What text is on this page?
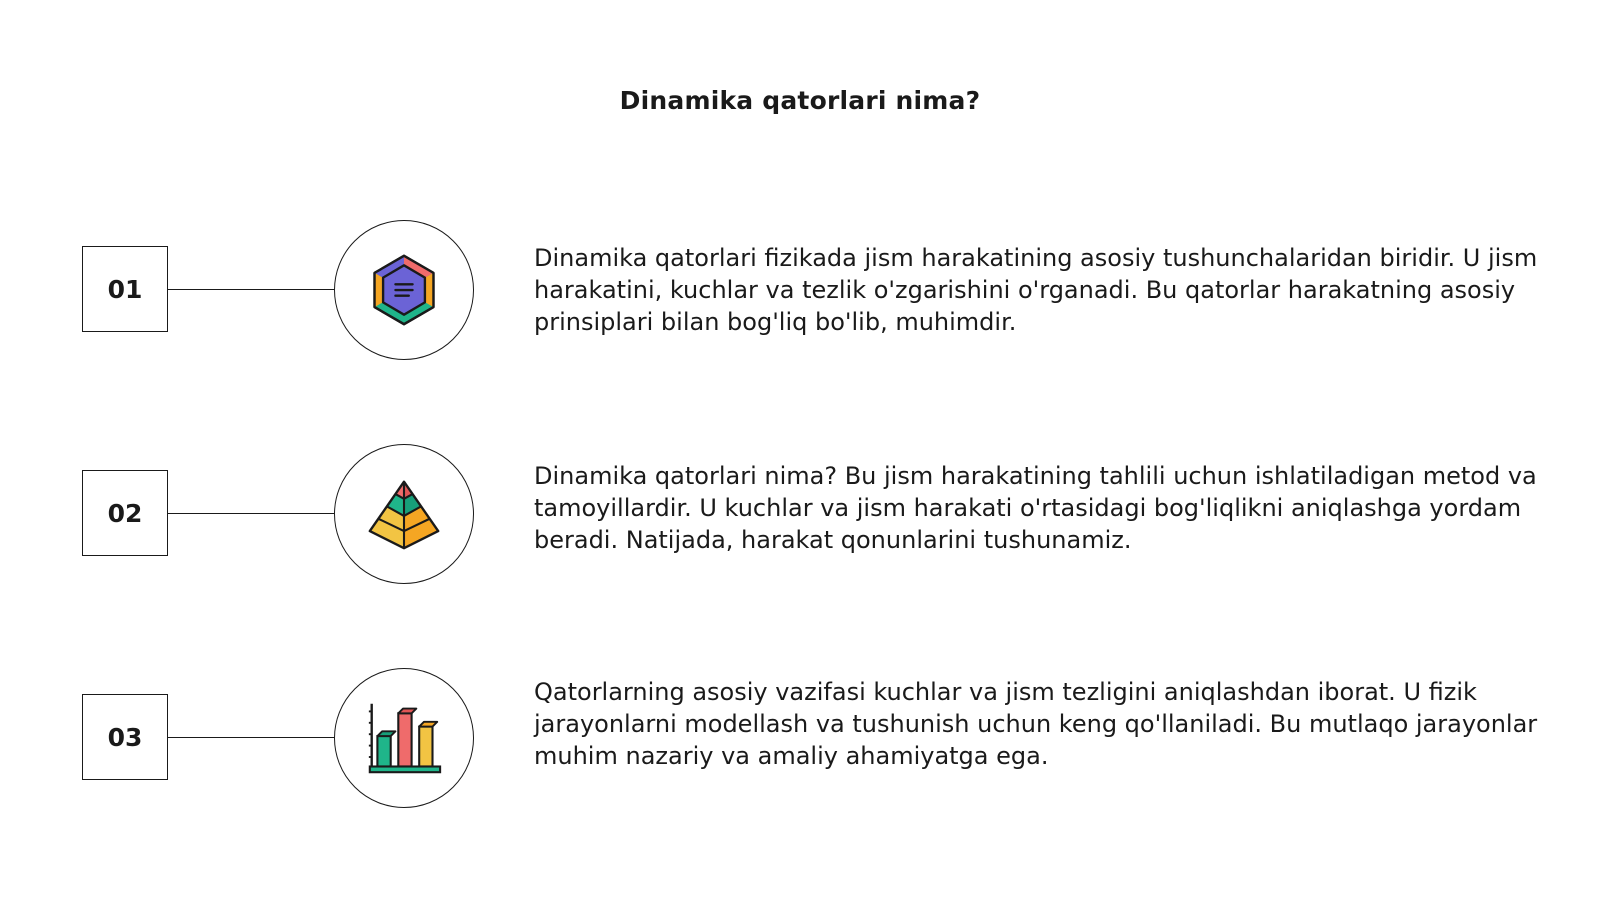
Dinamika qatorlari nima?
01
Dinamika qatorlari fizikada jism harakatining asosiy tushunchalaridan biridir. U jism harakatini, kuchlar va tezlik o'zgarishini o'rganadi. Bu qatorlar harakatning asosiy prinsiplari bilan bog'liq bo'lib, muhimdir.
02
Dinamika qatorlari nima? Bu jism harakatining tahlili uchun ishlatiladigan metod va tamoyillardir. U kuchlar va jism harakati o'rtasidagi bog'liqlikni aniqlashga yordam beradi. Natijada, harakat qonunlarini tushunamiz.
03
Qatorlarning asosiy vazifasi kuchlar va jism tezligini aniqlashdan iborat. U fizik jarayonlarni modellash va tushunish uchun keng qo'llaniladi. Bu mutlaqo jarayonlar muhim nazariy va amaliy ahamiyatga ega.
